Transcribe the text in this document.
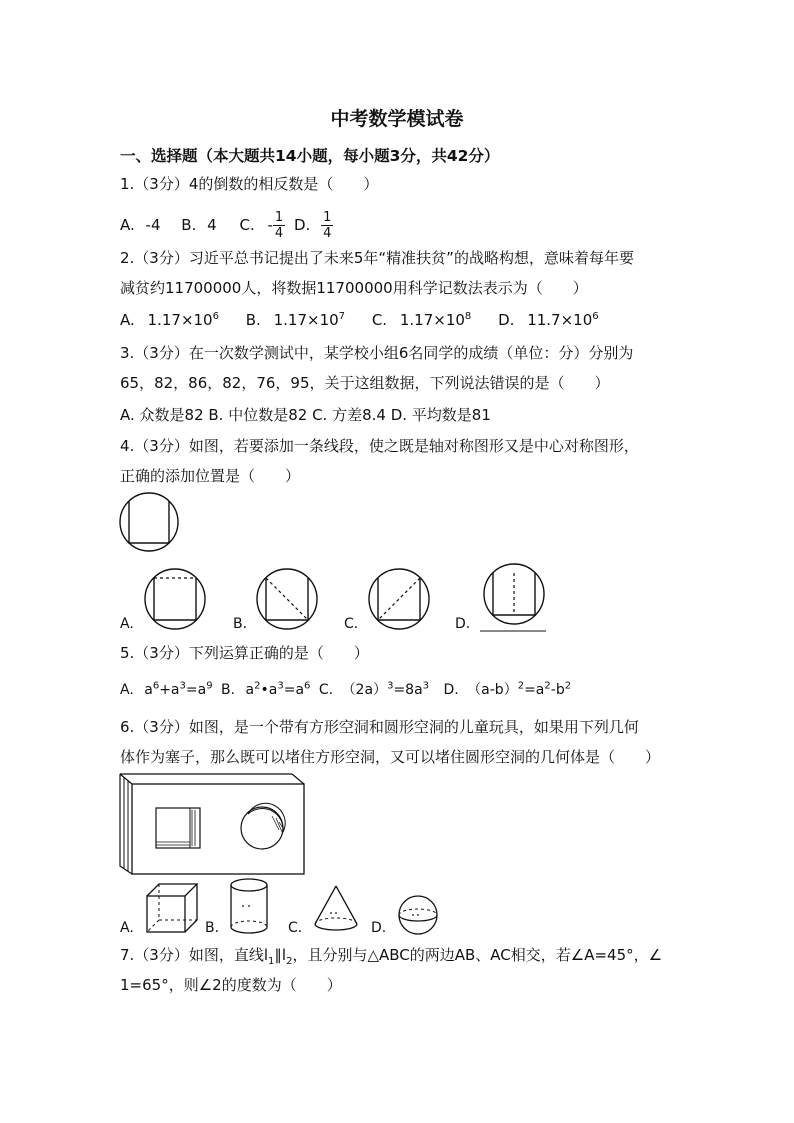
中考数学模试卷
一、选择题（本大题共14小题，每小题3分，共42分）
1.（3分）4的倒数的相反数是（　　）
A. -4 B. 4 C. - $\frac{1}{4} D$. $\frac{1}{4}$
2.（3分）习近平总书记提出了未来5年“精准扶贫”的战略构想，意味着每年要
减贫约11700000人，将数据11700000用科学记数法表示为（　　）
A. $1.17\times 10^6$ B. $1.17\times 10^7$ C. $1.17\times 10^8$ D. $11.7\times 10^6$
3.（3分）在一次数学测试中，某学校小组6名同学的成绩（单位：分）分别为
65，82，86，82，76，95，关于这组数据，下列说法错误的是（　　）
A. 众数是82 B. 中位数是82 C. 方差8.4 D. 平均数是81
4.（3分）如图，若要添加一条线段，使之既是轴对称图形又是中心对称图形，
正确的添加位置是（　　）
A.	B.	C.	D.
5.（3分）下列运算正确的是（　　）
A. $a^6+a^3=a^9$ B. $a^2•a^3=a^6$ C. $(2a)^3=8a^3$ D. $(a-b)^2=a^2-b^2$
6.（3分）如图，是一个带有方形空洞和圆形空洞的儿童玩具，如果用下列几何
体作为塞子，那么既可以堵住方形空洞，又可以堵住圆形空洞的几何体是（　　）
A.	B.	C.	D.
7.（3分）如图，直线$l_1\parallel l_2$，且分别与△ABC的两边AB、AC相交，若∠A=45°，∠
1=65°，则∠2的度数为（　　）
